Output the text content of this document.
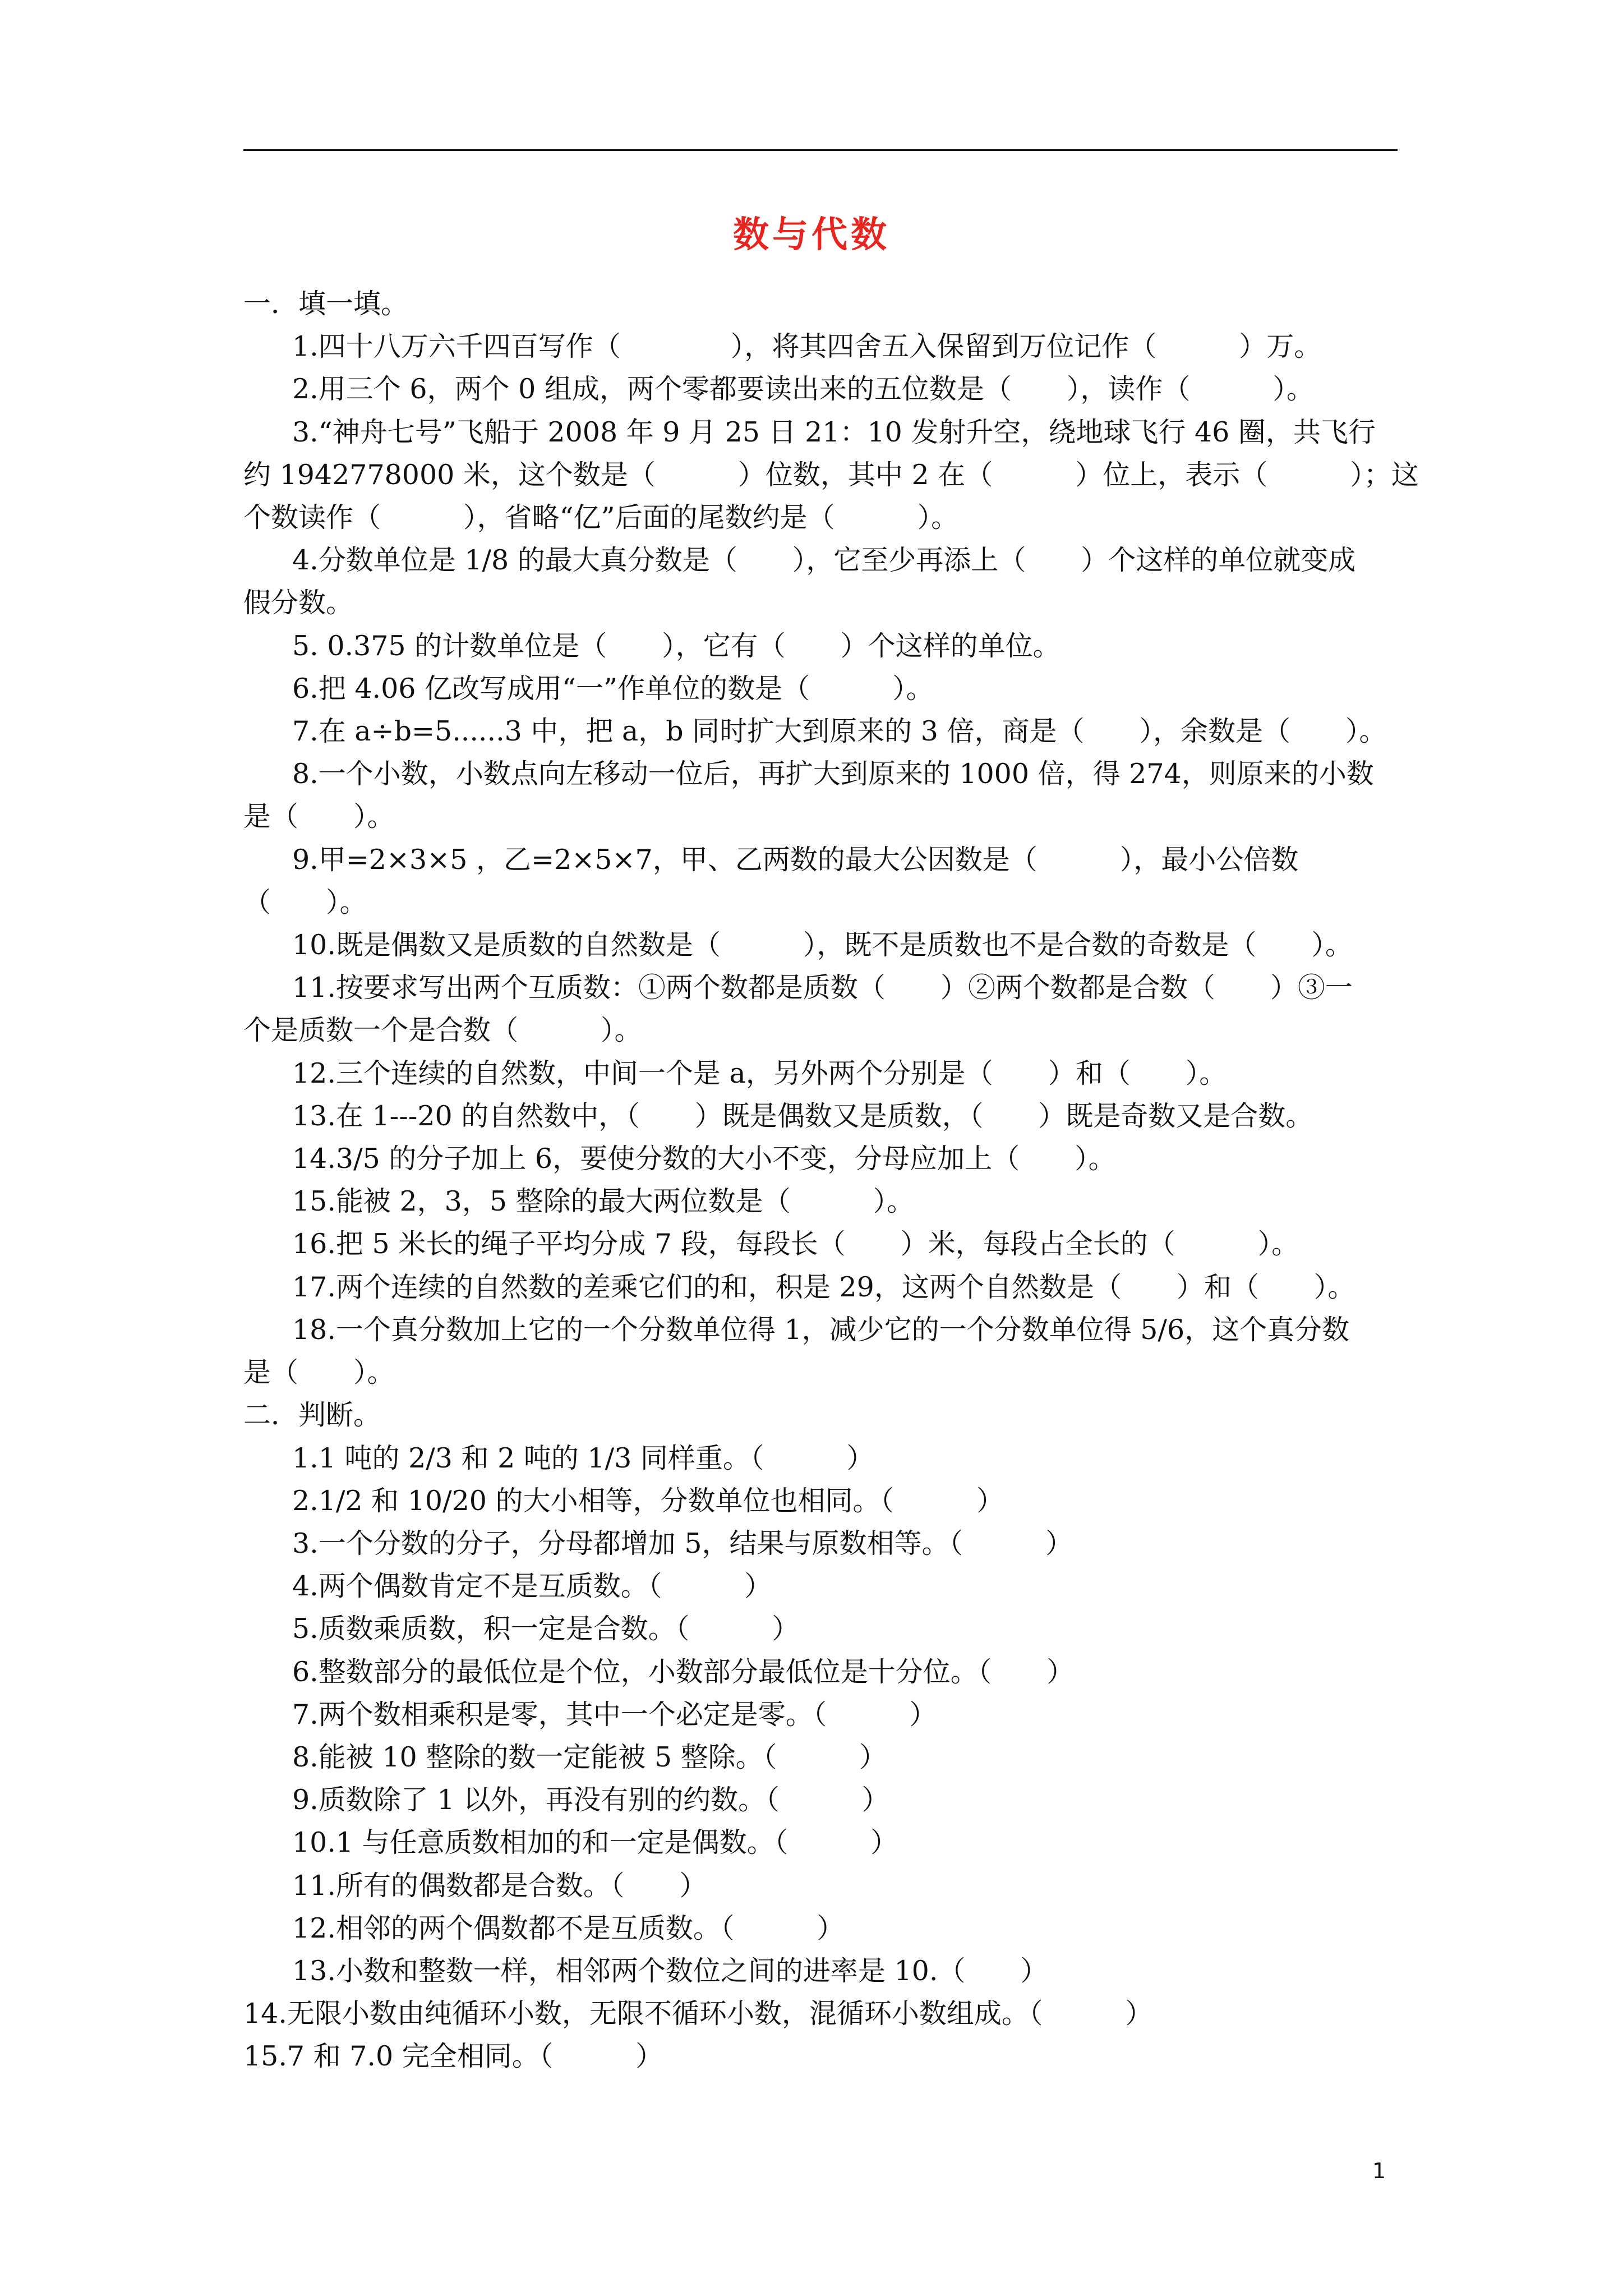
数与代数
一．填一填。
1.四十八万六千四百写作（　　　　），将其四舍五入保留到万位记作（　　　）万。
2.用三个 6，两个 0 组成，两个零都要读出来的五位数是（　　），读作（　　　）。
3.“神舟七号”飞船于 2008 年 9 月 25 日 21：10 发射升空，绕地球飞行 46 圈，共飞行
约 1942778000 米，这个数是（　　　）位数，其中 2 在（　　　）位上，表示（　　　）；这
个数读作（　　　），省略“亿”后面的尾数约是（　　　）。
4.分数单位是 1/8 的最大真分数是（　　），它至少再添上（　　）个这样的单位就变成
假分数。
5. 0.375 的计数单位是（　　），它有（　　）个这样的单位。
6.把 4.06 亿改写成用“一”作单位的数是（　　　）。
7.在 a÷b=5......3 中，把 a，b 同时扩大到原来的 3 倍，商是（　　），余数是（　　）。
8.一个小数，小数点向左移动一位后，再扩大到原来的 1000 倍，得 274，则原来的小数
是（　　）。
9.甲=2×3×5 ，乙=2×5×7，甲、乙两数的最大公因数是（　　　），最小公倍数
（　　）。
10.既是偶数又是质数的自然数是（　　　），既不是质数也不是合数的奇数是（　　）。
11.按要求写出两个互质数：①两个数都是质数（　　）②两个数都是合数（　　）③一
个是质数一个是合数（　　　）。
12.三个连续的自然数，中间一个是 a，另外两个分别是（　　）和（　　）。
13.在 1---20 的自然数中，（　　）既是偶数又是质数，（　　）既是奇数又是合数。
14.3/5 的分子加上 6，要使分数的大小不变，分母应加上（　　）。
15.能被 2，3，5 整除的最大两位数是（　　　）。
16.把 5 米长的绳子平均分成 7 段，每段长（　　）米，每段占全长的（　　　）。
17.两个连续的自然数的差乘它们的和，积是 29，这两个自然数是（　　）和（　　）。
18.一个真分数加上它的一个分数单位得 1，减少它的一个分数单位得 5/6，这个真分数
是（　　）。
二．判断。
1.1 吨的 2/3 和 2 吨的 1/3 同样重。（　　　）
2.1/2 和 10/20 的大小相等，分数单位也相同。（　　　）
3.一个分数的分子，分母都增加 5，结果与原数相等。（　　　）
4.两个偶数肯定不是互质数。（　　　）
5.质数乘质数，积一定是合数。（　　　）
6.整数部分的最低位是个位，小数部分最低位是十分位。（　　）
7.两个数相乘积是零，其中一个必定是零。（　　　）
8.能被 10 整除的数一定能被 5 整除。（　　　）
9.质数除了 1 以外，再没有别的约数。（　　　）
10.1 与任意质数相加的和一定是偶数。（　　　）
11.所有的偶数都是合数。（　　）
12.相邻的两个偶数都不是互质数。（　　　）
13.小数和整数一样，相邻两个数位之间的进率是 10.（　　）
14.无限小数由纯循环小数，无限不循环小数，混循环小数组成。（　　　）
15.7 和 7.0 完全相同。（　　　）
1
